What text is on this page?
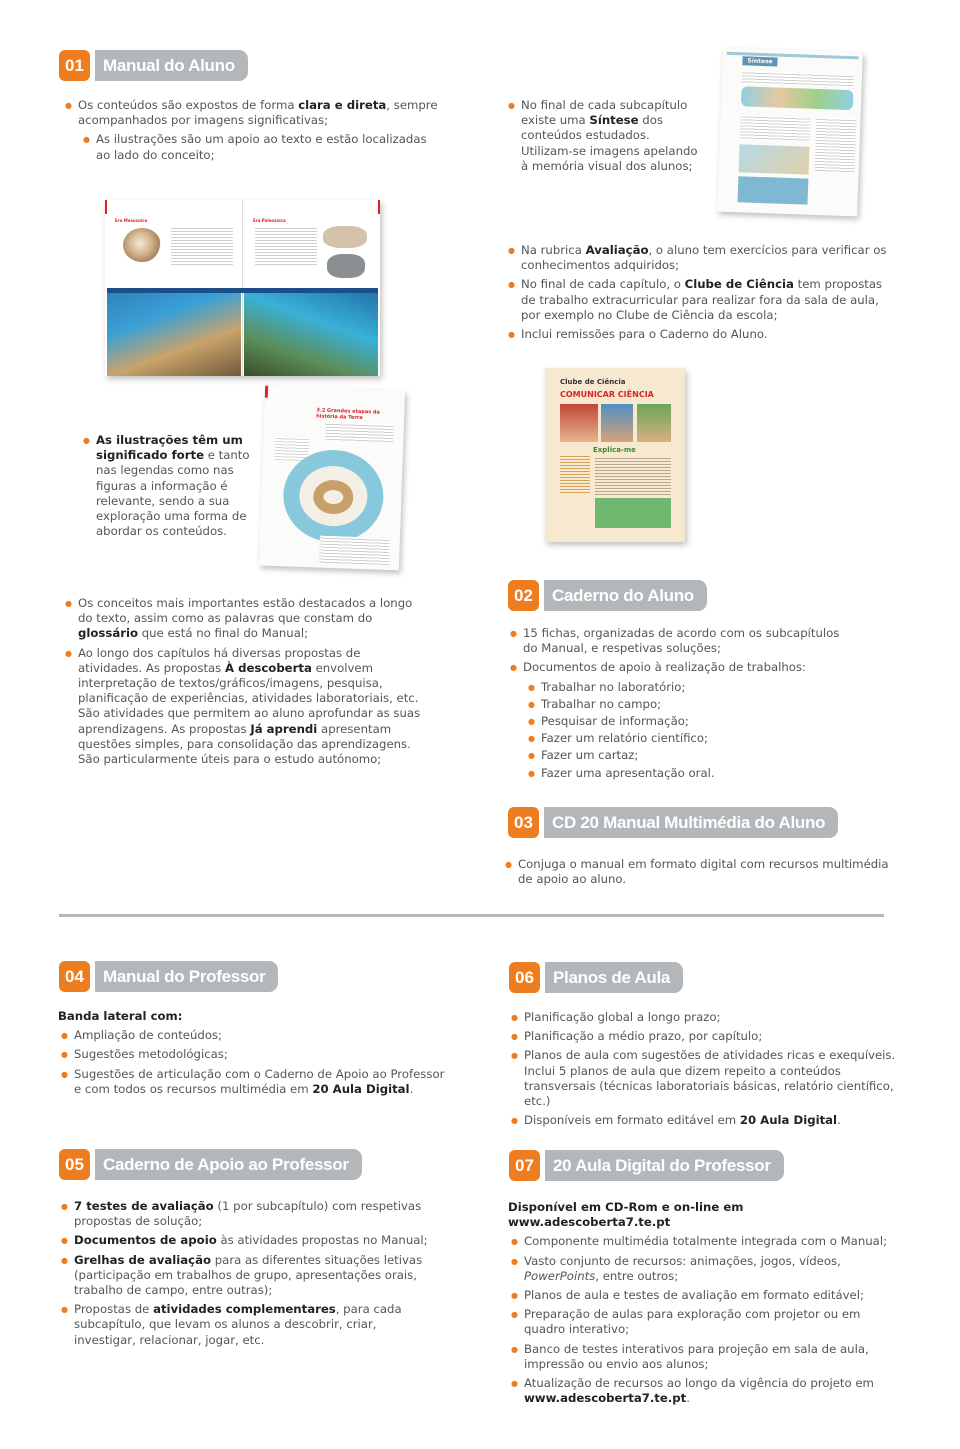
01	Manual do Aluno
● Os conteúdos são expostos de forma clara e direta, sempre acompanhados por imagens significativas;
● As ilustrações são um apoio ao texto e estão localizadas ao lado do conceito;
Era Mesozoica	Era Paleozoica
3.2 Grandes etapas da história da Terra
● As ilustrações têm um significado forte e tanto nas legendas como nas figuras a informação é relevante, sendo a sua exploração uma forma de abordar os conteúdos.
● Os conceitos mais importantes estão destacados a longo do texto, assim como as palavras que constam do glossário que está no final do Manual;
● Ao longo dos capítulos há diversas propostas de atividades. As propostas À descoberta envolvem interpretação de textos/gráficos/imagens, pesquisa, planificação de experiências, atividades laboratoriais, etc. São atividades que permitem ao aluno aprofundar as suas aprendizagens. As propostas Já aprendi apresentam questões simples, para consolidação das aprendizagens. São particularmente úteis para o estudo autónomo;
● No final de cada subcapítulo existe uma Síntese dos conteúdos estudados. Utilizam-se imagens apelando à memória visual dos alunos;
Síntese
● Na rubrica Avaliação, o aluno tem exercícios para verificar os conhecimentos adquiridos;
● No final de cada capítulo, o Clube de Ciência tem propostas de trabalho extracurricular para realizar fora da sala de aula, por exemplo no Clube de Ciência da escola;
● Inclui remissões para o Caderno do Aluno.
Clube de Ciência
COMUNICAR CIÊNCIA
Explica-me
02	Caderno do Aluno
● 15 fichas, organizadas de acordo com os subcapítulos do Manual, e respetivas soluções;
● Documentos de apoio à realização de trabalhos:
● Trabalhar no laboratório;
● Trabalhar no campo;
● Pesquisar de informação;
● Fazer um relatório científico;
● Fazer um cartaz;
● Fazer uma apresentação oral.
03	CD 20 Manual Multimédia do Aluno
● Conjuga o manual em formato digital com recursos multimédia de apoio ao aluno.
04	Manual do Professor
Banda lateral com:
● Ampliação de conteúdos;
● Sugestões metodológicas;
● Sugestões de articulação com o Caderno de Apoio ao Professor e com todos os recursos multimédia em 20 Aula Digital.
05	Caderno de Apoio ao Professor
● 7 testes de avaliação (1 por subcapítulo) com respetivas propostas de solução;
● Documentos de apoio às atividades propostas no Manual;
● Grelhas de avaliação para as diferentes situações letivas (participação em trabalhos de grupo, apresentações orais, trabalho de campo, entre outras);
● Propostas de atividades complementares, para cada subcapítulo, que levam os alunos a descobrir, criar, investigar, relacionar, jogar, etc.
06	Planos de Aula
● Planificação global a longo prazo;
● Planificação a médio prazo, por capítulo;
● Planos de aula com sugestões de atividades ricas e exequíveis. Inclui 5 planos de aula que dizem repeito a conteúdos transversais (técnicas laboratoriais básicas, relatório científico, etc.)
● Disponíveis em formato editável em 20 Aula Digital.
07	20 Aula Digital do Professor
Disponível em CD-Rom e on-line em www.adescoberta7.te.pt
● Componente multimédia totalmente integrada com o Manual;
● Vasto conjunto de recursos: animações, jogos, vídeos, PowerPoints, entre outros;
● Planos de aula e testes de avaliação em formato editável;
● Preparação de aulas para exploração com projetor ou em quadro interativo;
● Banco de testes interativos para projeção em sala de aula, impressão ou envio aos alunos;
● Atualização de recursos ao longo da vigência do projeto em www.adescoberta7.te.pt.
